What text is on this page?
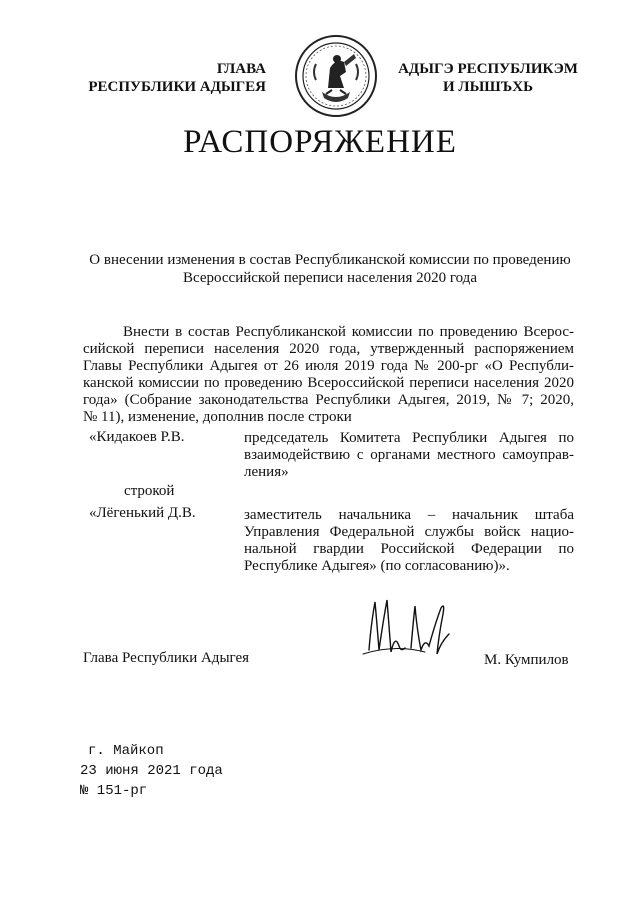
ГЛАВА
РЕСПУБЛИКИ АДЫГЕЯ
АДЫГЭ РЕСПУБЛИКЭМ
И ЛЫШЪХЬ
РАСПОРЯЖЕНИЕ
О внесении изменения в состав Республиканской комиссии по проведению
Всероссийской переписи населения 2020 года
Внести в состав Республиканской комиссии по проведению Всерос-
сийской переписи населения 2020 года, утвержденный распоряжением
Главы Республики Адыгея от 26 июля 2019 года № 200-рг «О Республи-
канской комиссии по проведению Всероссийской переписи населения 2020
года» (Собрание законодательства Республики Адыгея, 2019, № 7; 2020,
№ 11), изменение, дополнив после строки
«Кидакоев Р.В.	председатель Комитета Республики Адыгея по
взаимодействию с органами местного самоуправ-
ления»
строкой
«Лёгенький Д.В.	заместитель начальника – начальник штаба
Управления Федеральной службы войск нацио-
нальной гвардии Российской Федерации по
Республике Адыгея» (по согласованию)».
Глава Республики Адыгея	М. Кумпилов
г. Майкоп
23 июня 2021 года
№ 151-рг
